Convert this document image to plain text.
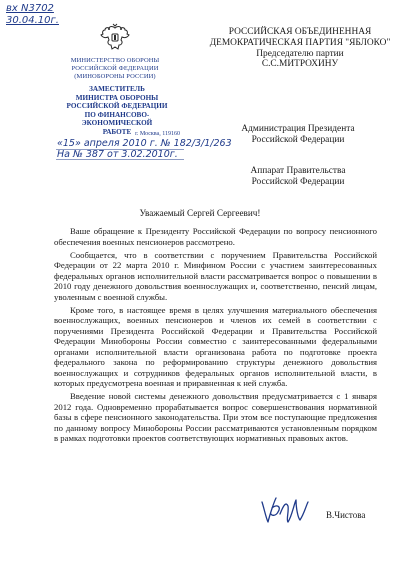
вх N3702
30.04.10г.
МИНИСТЕРСТВО ОБОРОНЫ
РОССИЙСКОЙ ФЕДЕРАЦИИ
(МИНОБОРОНЫ РОССИИ)
ЗАМЕСТИТЕЛЬ
МИНИСТРА ОБОРОНЫ
РОССИЙСКОЙ ФЕДЕРАЦИИ
ПО ФИНАНСОВО-ЭКОНОМИЧЕСКОЙ
РАБОТЕ г. Москва, 119160
«15» апреля 2010 г. № 182/3/1/263
На № 387 от 3.02.2010г.
РОССИЙСКАЯ ОБЪЕДИНЕННАЯ
ДЕМОКРАТИЧЕСКАЯ ПАРТИЯ "ЯБЛОКО"
Председателю партии
С.С.МИТРОХИНУ
Администрация Президента
Российской Федерации
Аппарат Правительства
Российской Федерации
Уважаемый Сергей Сергеевич!

Ваше обращение к Президенту Российской Федерации по вопросу пенсионного обеспечения военных пенсионеров рассмотрено.

Сообщается, что в соответствии с поручением Правительства Российской Федерации от 22 марта 2010 г. Минфином России с участием заинтересованных федеральных органов исполнительной власти рассматривается вопрос о повышении в 2010 году денежного довольствия военнослужащих и, соответственно, пенсий лицам, уволенным с военной службы.

Кроме того, в настоящее время в целях улучшения материального обеспечения военнослужащих, военных пенсионеров и членов их семей в соответствии с поручениями Президента Российской Федерации и Правительства Российской Федерации Минобороны России совместно с заинтересованными федеральными органами исполнительной власти организована работа по подготовке проекта федерального закона по реформированию структуры денежного довольствия военнослужащих и сотрудников федеральных органов исполнительной власти, в которых предусмотрена военная и приравненная к ней служба.

Введение новой системы денежного довольствия предусматривается с 1 января 2012 года. Одновременно прорабатывается вопрос совершенствования нормативной базы в сфере пенсионного законодательства. При этом все поступающие предложения по данному вопросу Минобороны России рассматриваются установленным порядком в рамках подготовки проектов соответствующих нормативных правовых актов.

В.Чистова
